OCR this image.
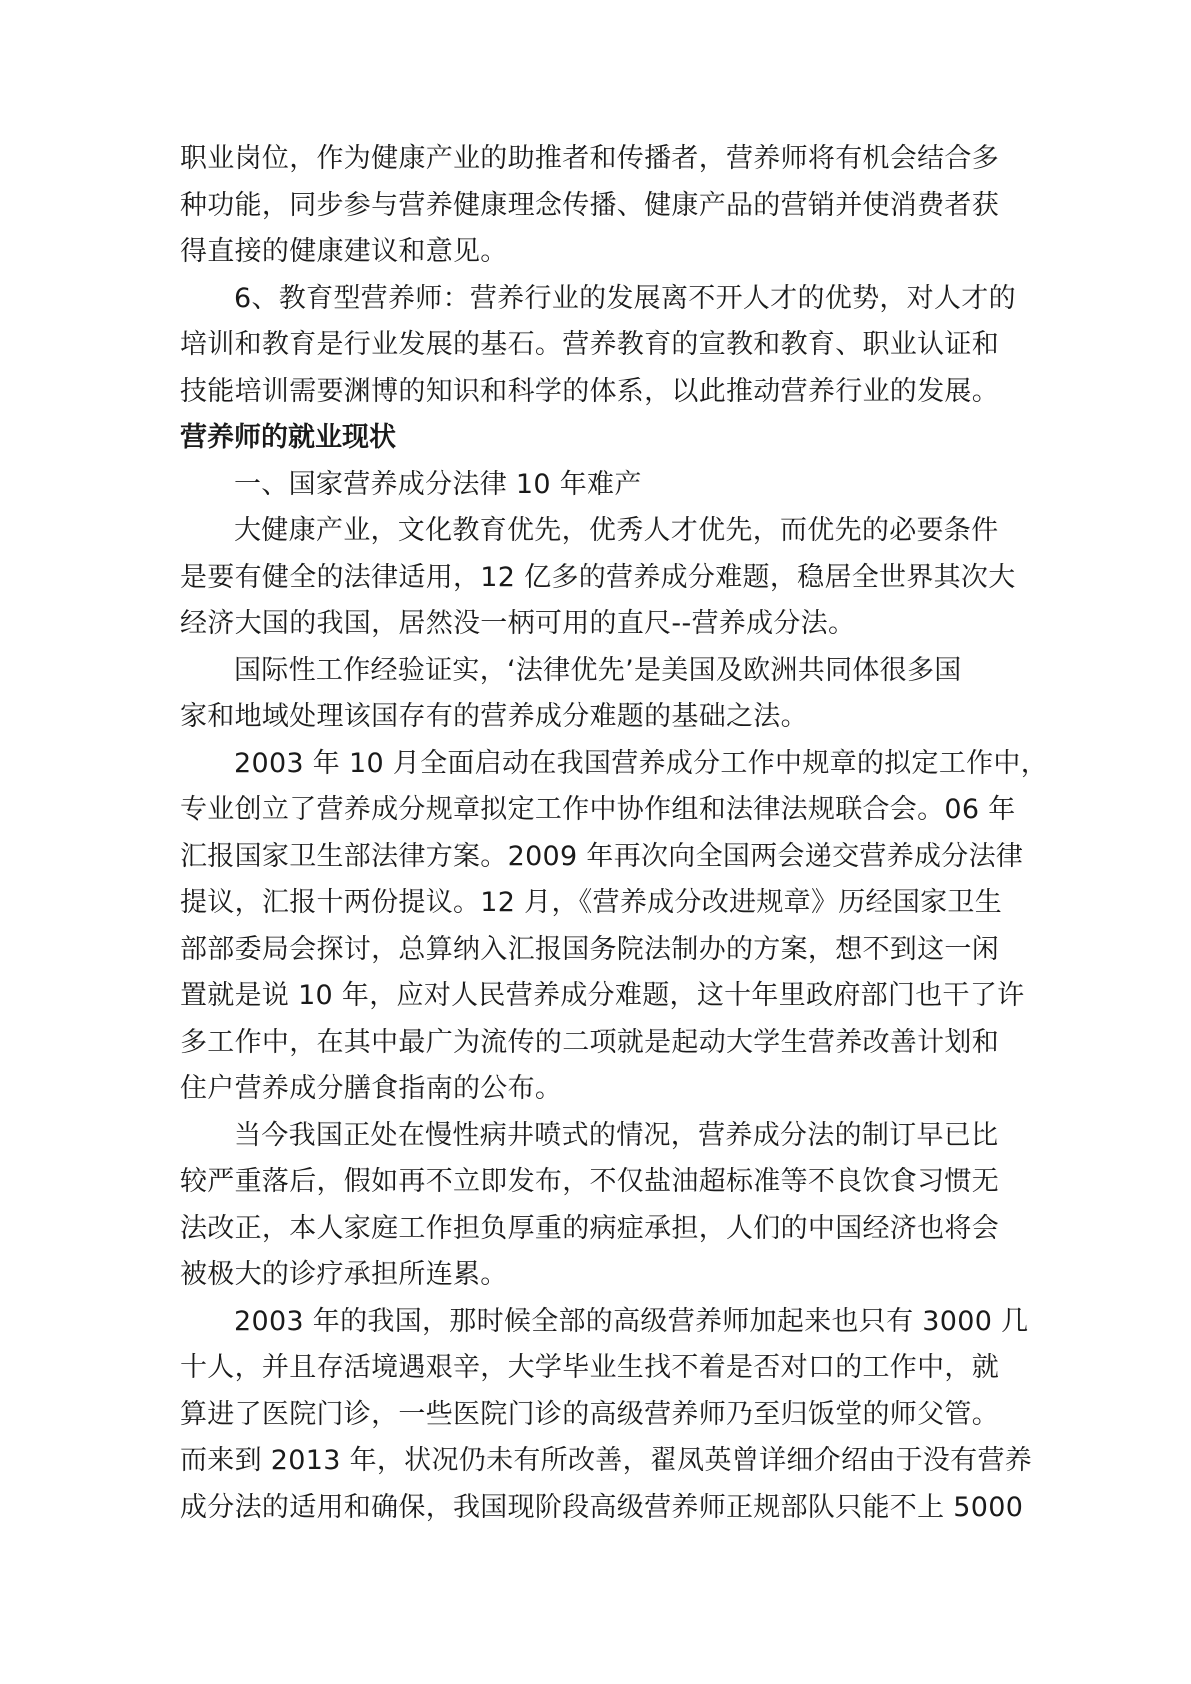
职业岗位，作为健康产业的助推者和传播者，营养师将有机会结合多
种功能，同步参与营养健康理念传播、健康产品的营销并使消费者获
得直接的健康建议和意见。
6、教育型营养师：营养行业的发展离不开人才的优势，对人才的
培训和教育是行业发展的基石。营养教育的宣教和教育、职业认证和
技能培训需要渊博的知识和科学的体系，以此推动营养行业的发展。
营养师的就业现状
一、国家营养成分法律 10 年难产
大健康产业，文化教育优先，优秀人才优先，而优先的必要条件
是要有健全的法律适用，12 亿多的营养成分难题，稳居全世界其次大
经济大国的我国，居然没一柄可用的直尺--营养成分法。
国际性工作经验证实，‘法律优先’是美国及欧洲共同体很多国
家和地域处理该国存有的营养成分难题的基础之法。
2003 年 10 月全面启动在我国营养成分工作中规章的拟定工作中，
专业创立了营养成分规章拟定工作中协作组和法律法规联合会。06 年
汇报国家卫生部法律方案。2009 年再次向全国两会递交营养成分法律
提议，汇报十两份提议。12 月，《营养成分改进规章》历经国家卫生
部部委局会探讨，总算纳入汇报国务院法制办的方案，想不到这一闲
置就是说 10 年，应对人民营养成分难题，这十年里政府部门也干了许
多工作中，在其中最广为流传的二项就是起动大学生营养改善计划和
住户营养成分膳食指南的公布。
当今我国正处在慢性病井喷式的情况，营养成分法的制订早已比
较严重落后，假如再不立即发布，不仅盐油超标准等不良饮食习惯无
法改正，本人家庭工作担负厚重的病症承担，人们的中国经济也将会
被极大的诊疗承担所连累。
2003 年的我国，那时候全部的高级营养师加起来也只有 3000 几
十人，并且存活境遇艰辛，大学毕业生找不着是否对口的工作中，就
算进了医院门诊，一些医院门诊的高级营养师乃至归饭堂的师父管。
而来到 2013 年，状况仍未有所改善，翟凤英曾详细介绍由于没有营养
成分法的适用和确保，我国现阶段高级营养师正规部队只能不上 5000
